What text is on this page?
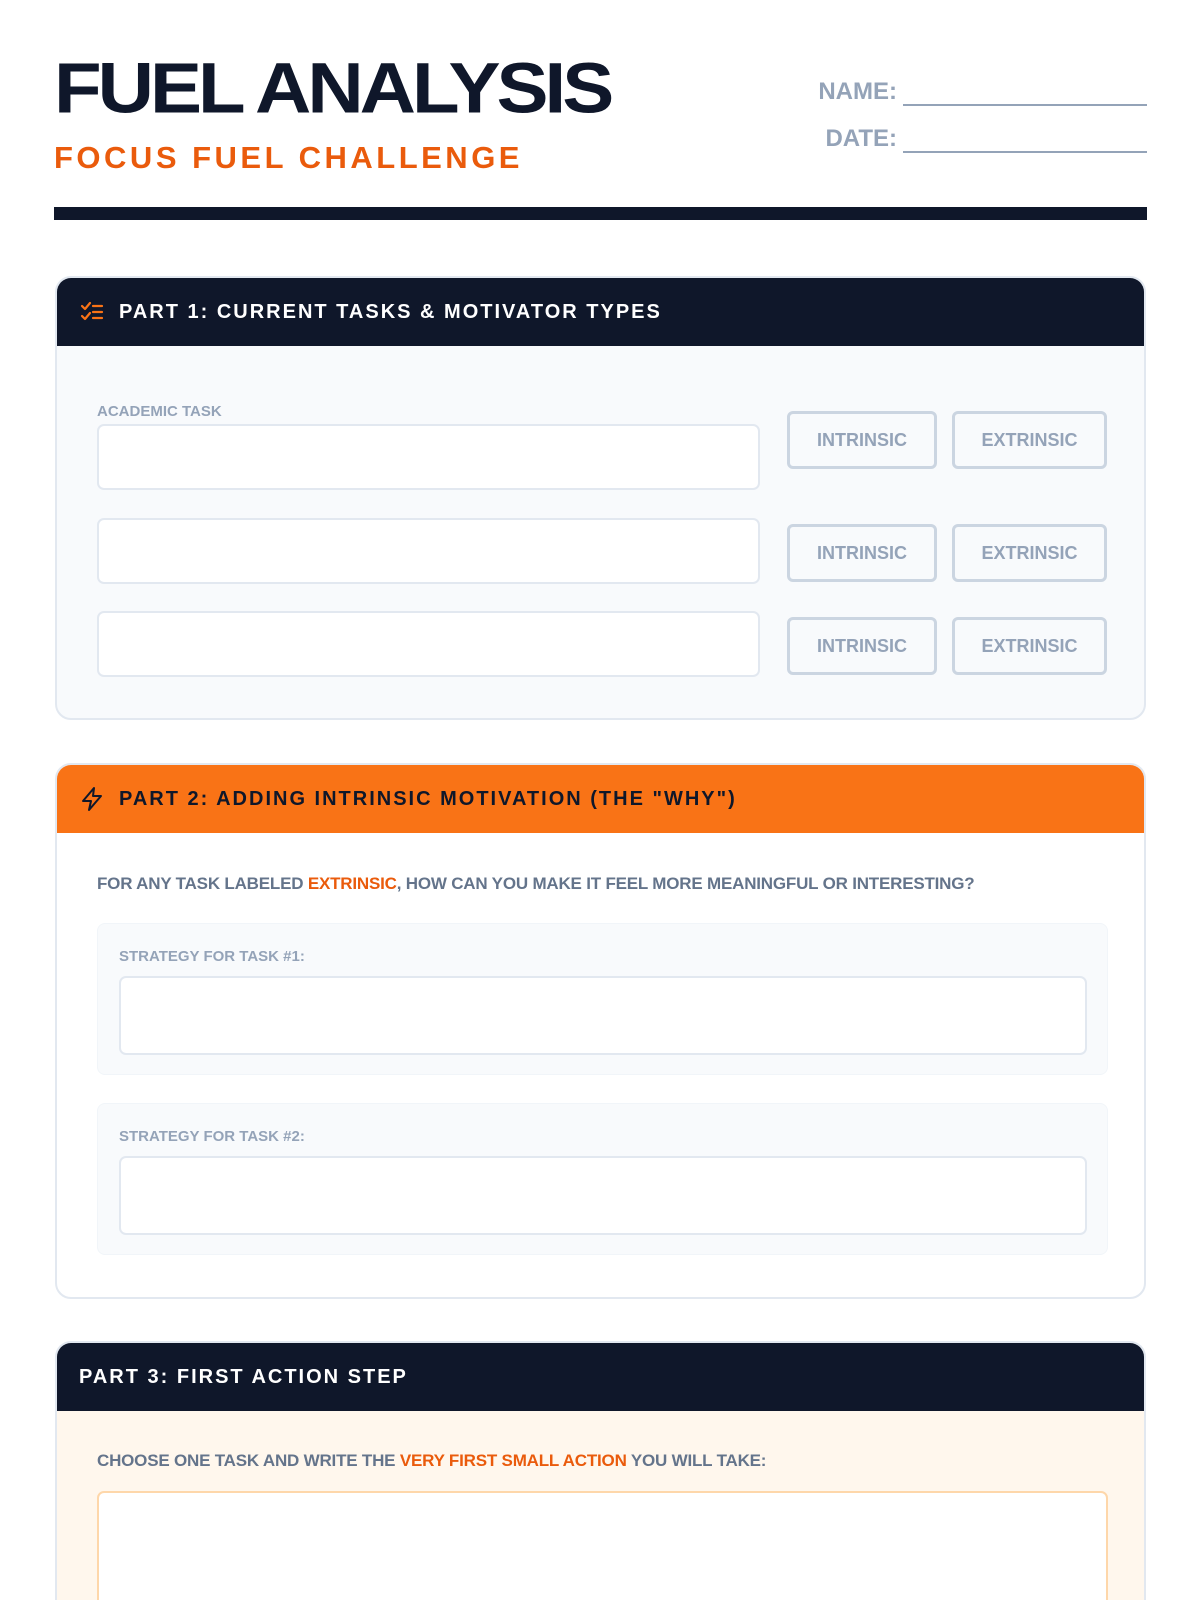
FUEL ANALYSIS
FOCUS FUEL CHALLENGE
NAME:
DATE:
PART 1: CURRENT TASKS & MOTIVATOR TYPES
ACADEMIC TASK
INTRINSIC	EXTRINSIC
INTRINSIC	EXTRINSIC
INTRINSIC	EXTRINSIC
PART 2: ADDING INTRINSIC MOTIVATION (THE "WHY")
FOR ANY TASK LABELED EXTRINSIC, HOW CAN YOU MAKE IT FEEL MORE MEANINGFUL OR INTERESTING?
STRATEGY FOR TASK #1:
STRATEGY FOR TASK #2:
PART 3: FIRST ACTION STEP
CHOOSE ONE TASK AND WRITE THE VERY FIRST SMALL ACTION YOU WILL TAKE:
